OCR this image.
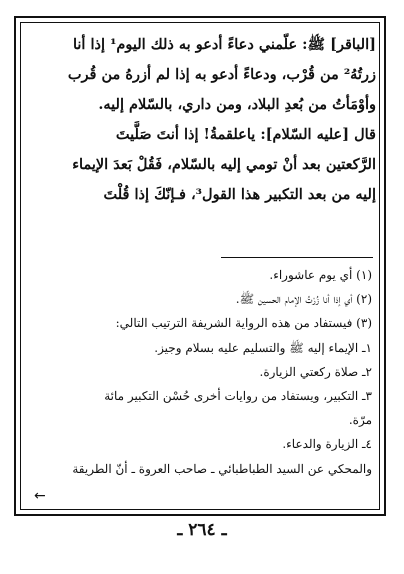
[الباقر] ﷺ: علّمني دعاءً أدعو به ذلك اليوم¹ إذا أنا
زرتُهُ² من قُرْب، ودعاءً أدعو به إذا لم أزرهُ من قُرب
وأوْمَأتُ من بُعدِ البلاد، ومن داري، بالسّلام إليه.
قال [عليه السّلام]: ياعلقمةُ! إذا أنتَ صَلَّيتَ
الرَّكعتين بعد أنْ تومي إليه بالسّلام، فَقُلْ بَعدَ الإيماء
إليه من بعد التكبير هذا القول³، فـإنّكَ إذا قُلْتَ
(١) أي يوم عاشوراء.
(٢) أي إذا أنا زُرْتُ الإمام الحسين ﷺ.
(٣) فيستفاد من هذه الرواية الشريفة الترتيب التالي:
١ـ الإيماء إليه ﷺ والتسليم عليه بسلام وجيز.
٢ـ صلاة ركعتي الزيارة.
٣ـ التكبير، ويستفاد من روايات أخرى حُسْن التكبير مائة
مرّة.
٤ـ الزيارة والدعاء.
والمحكي عن السيد الطباطبائي ـ صاحب العروة ـ أنّ الطريقة
←
ـ ٢٦٤ ـ
